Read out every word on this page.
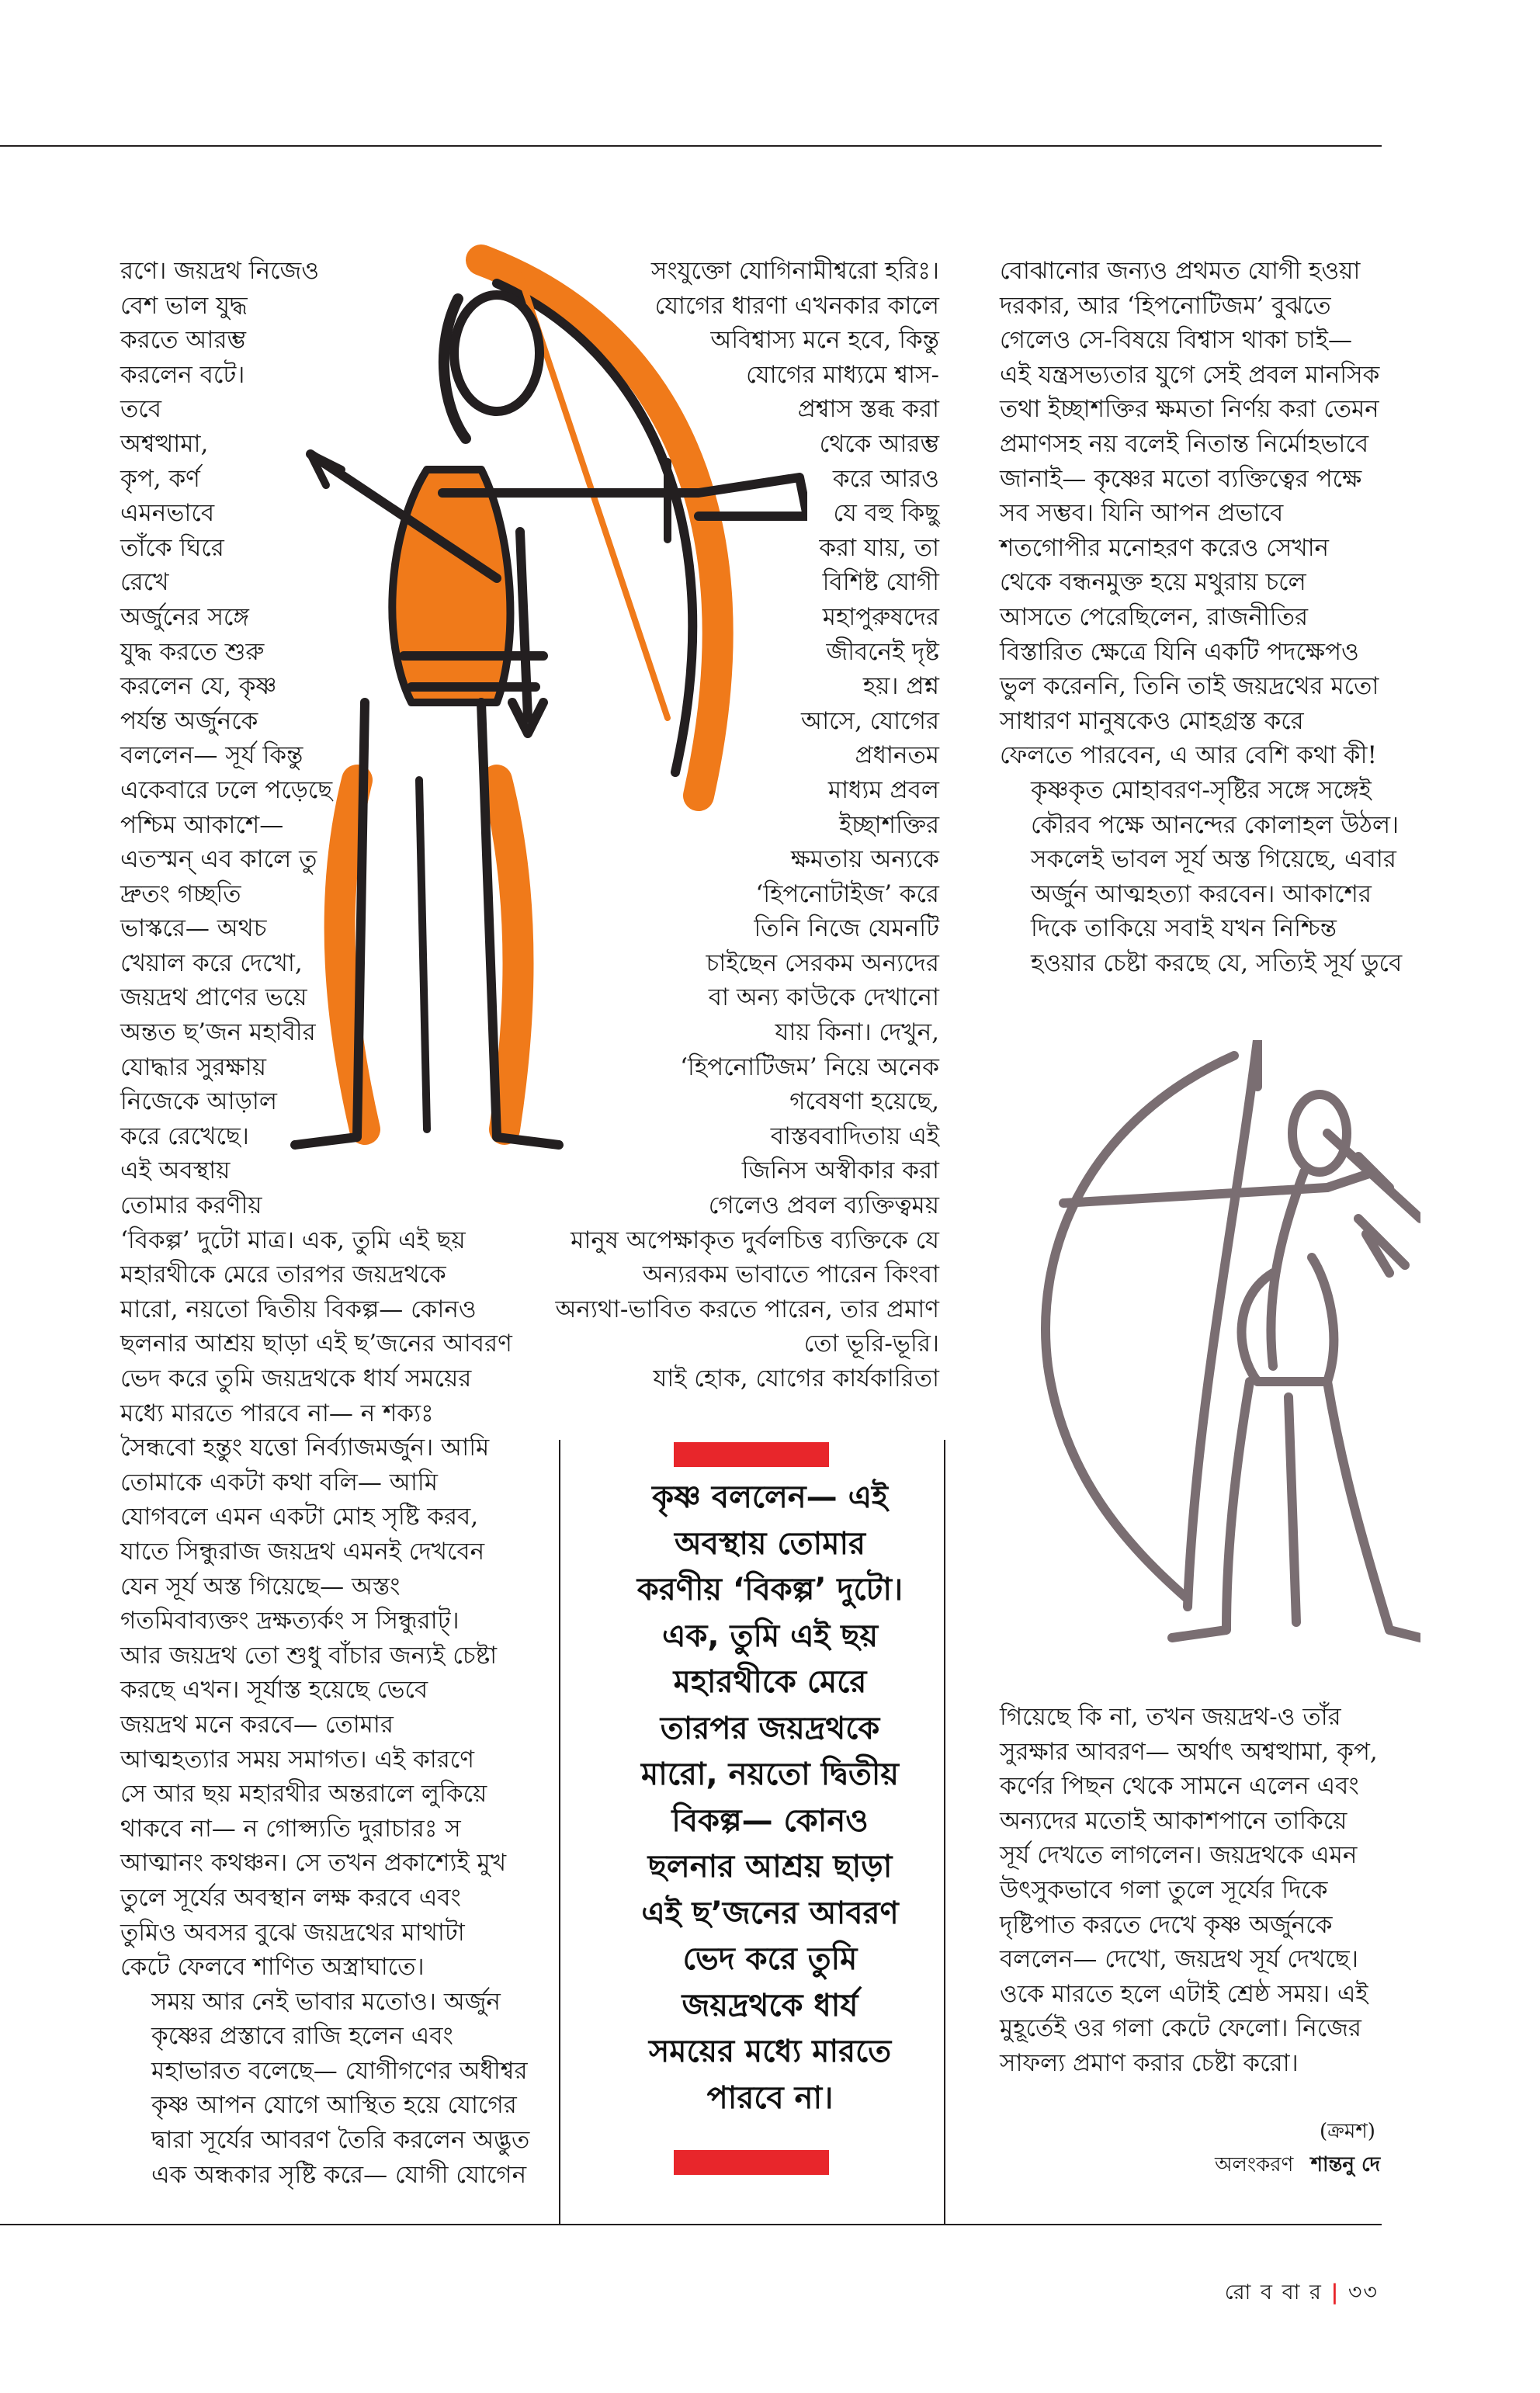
রণে। জয়দ্রথ নিজেও
বেশ ভাল যুদ্ধ
করতে আরম্ভ
করলেন বটে।
তবে
অশ্বত্থামা,
কৃপ, কর্ণ
এমনভাবে
তাঁকে ঘিরে
রেখে
অর্জুনের সঙ্গে
যুদ্ধ করতে শুরু
করলেন যে, কৃষ্ণ
পর্যন্ত অর্জুনকে
বললেন— সূর্য কিন্তু
একেবারে ঢলে পড়েছে
পশ্চিম আকাশে—
এতস্মন্ এব কালে তু
দ্রুতং গচ্ছতি
ভাস্করে— অথচ
খেয়াল করে দেখো,
জয়দ্রথ প্রাণের ভয়ে
অন্তত ছ’জন মহাবীর
যোদ্ধার সুরক্ষায়
নিজেকে আড়াল
করে রেখেছে।
এই অবস্থায়
তোমার করণীয়
‘বিকল্প’ দুটো মাত্র। এক, তুমি এই ছয়
মহারথীকে মেরে তারপর জয়দ্রথকে
মারো, নয়তো দ্বিতীয় বিকল্প— কোনও
ছলনার আশ্রয় ছাড়া এই ছ’জনের আবরণ
ভেদ করে তুমি জয়দ্রথকে ধার্য সময়ের
মধ্যে মারতে পারবে না— ন শক্যঃ
সৈন্ধবো হন্তুং যত্তো নির্ব্যাজমর্জুন। আমি
তোমাকে একটা কথা বলি— আমি
যোগবলে এমন একটা মোহ সৃষ্টি করব,
যাতে সিন্ধুরাজ জয়দ্রথ এমনই দেখবেন
যেন সূর্য অস্ত গিয়েছে— অস্তং
গতমিবাব্যক্তং দ্রক্ষত্যর্কং স সিন্ধুরাট্।
আর জয়দ্রথ তো শুধু বাঁচার জন্যই চেষ্টা
করছে এখন। সূর্যাস্ত হয়েছে ভেবে
জয়দ্রথ মনে করবে— তোমার
আত্মহত্যার সময় সমাগত। এই কারণে
সে আর ছয় মহারথীর অন্তরালে লুকিয়ে
থাকবে না— ন গোপ্স্যতি দুরাচারঃ স
আত্মানং কথঞ্চন। সে তখন প্রকাশ্যেই মুখ
তুলে সূর্যের অবস্থান লক্ষ করবে এবং
তুমিও অবসর বুঝে জয়দ্রথের মাথাটা
কেটে ফেলবে শাণিত অস্ত্রাঘাতে।

সময় আর নেই ভাবার মতোও। অর্জুন
কৃষ্ণের প্রস্তাবে রাজি হলেন এবং
মহাভারত বলেছে— যোগীগণের অধীশ্বর
কৃষ্ণ আপন যোগে আস্থিত হয়ে যোগের
দ্বারা সূর্যের আবরণ তৈরি করলেন অদ্ভুত
এক অন্ধকার সৃষ্টি করে— যোগী যোগেন

সংযুক্তো যোগিনামীশ্বরো হরিঃ।
যোগের ধারণা এখনকার কালে
অবিশ্বাস্য মনে হবে, কিন্তু
যোগের মাধ্যমে শ্বাস-
প্রশ্বাস স্তব্ধ করা
থেকে আরম্ভ
করে আরও
যে বহু কিছু
করা যায়, তা
বিশিষ্ট যোগী
মহাপুরুষদের
জীবনেই দৃষ্ট
হয়। প্রশ্ন
আসে, যোগের
প্রধানতম
মাধ্যম প্রবল
ইচ্ছাশক্তির
ক্ষমতায় অন্যকে
‘হিপনোটাইজ’ করে
তিনি নিজে যেমনটি
চাইছেন সেরকম অন্যদের
বা অন্য কাউকে দেখানো
যায় কিনা। দেখুন,
‘হিপনোটিজম’ নিয়ে অনেক
গবেষণা হয়েছে,
বাস্তববাদিতায় এই
জিনিস অস্বীকার করা
গেলেও প্রবল ব্যক্তিত্বময়
মানুষ অপেক্ষাকৃত দুর্বলচিত্ত ব্যক্তিকে যে
অন্যরকম ভাবাতে পারেন কিংবা
অন্যথা-ভাবিত করতে পারেন, তার প্রমাণ
তো ভূরি-ভূরি।
যাই হোক, যোগের কার্যকারিতা

বোঝানোর জন্যও প্রথমত যোগী হওয়া
দরকার, আর ‘হিপনোটিজম’ বুঝতে
গেলেও সে-বিষয়ে বিশ্বাস থাকা চাই—
এই যন্ত্রসভ্যতার যুগে সেই প্রবল মানসিক
তথা ইচ্ছাশক্তির ক্ষমতা নির্ণয় করা তেমন
প্রমাণসহ নয় বলেই নিতান্ত নির্মোহভাবে
জানাই— কৃষ্ণের মতো ব্যক্তিত্বের পক্ষে
সব সম্ভব। যিনি আপন প্রভাবে
শতগোপীর মনোহরণ করেও সেখান
থেকে বন্ধনমুক্ত হয়ে মথুরায় চলে
আসতে পেরেছিলেন, রাজনীতির
বিস্তারিত ক্ষেত্রে যিনি একটি পদক্ষেপও
ভুল করেননি, তিনি তাই জয়দ্রথের মতো
সাধারণ মানুষকেও মোহগ্রস্ত করে
ফেলতে পারবেন, এ আর বেশি কথা কী!

কৃষ্ণকৃত মোহাবরণ-সৃষ্টির সঙ্গে সঙ্গেই
কৌরব পক্ষে আনন্দের কোলাহল উঠল।
সকলেই ভাবল সূর্য অস্ত গিয়েছে, এবার
অর্জুন আত্মহত্যা করবেন। আকাশের
দিকে তাকিয়ে সবাই যখন নিশ্চিন্ত
হওয়ার চেষ্টা করছে যে, সত্যিই সূর্য ডুবে

গিয়েছে কি না, তখন জয়দ্রথ-ও তাঁর
সুরক্ষার আবরণ— অর্থাৎ অশ্বত্থামা, কৃপ,
কর্ণের পিছন থেকে সামনে এলেন এবং
অন্যদের মতোই আকাশপানে তাকিয়ে
সূর্য দেখতে লাগলেন। জয়দ্রথকে এমন
উৎসুকভাবে গলা তুলে সূর্যের দিকে
দৃষ্টিপাত করতে দেখে কৃষ্ণ অর্জুনকে
বললেন— দেখো, জয়দ্রথ সূর্য দেখছে।
ওকে মারতে হলে এটাই শ্রেষ্ঠ সময়। এই
মুহূর্তেই ওর গলা কেটে ফেলো। নিজের
সাফল্য প্রমাণ করার চেষ্টা করো।

কৃষ্ণ বললেন— এই
অবস্থায় তোমার
করণীয় ‘বিকল্প’ দুটো।
এক, তুমি এই ছয়
মহারথীকে মেরে
তারপর জয়দ্রথকে
মারো, নয়তো দ্বিতীয়
বিকল্প— কোনও
ছলনার আশ্রয় ছাড়া
এই ছ’জনের আবরণ
ভেদ করে তুমি
জয়দ্রথকে ধার্য
সময়ের মধ্যে মারতে
পারবে না।
(ক্রমশ)
অলংকরণ শান্তনু দে
রো ব বা র | ৩৩
